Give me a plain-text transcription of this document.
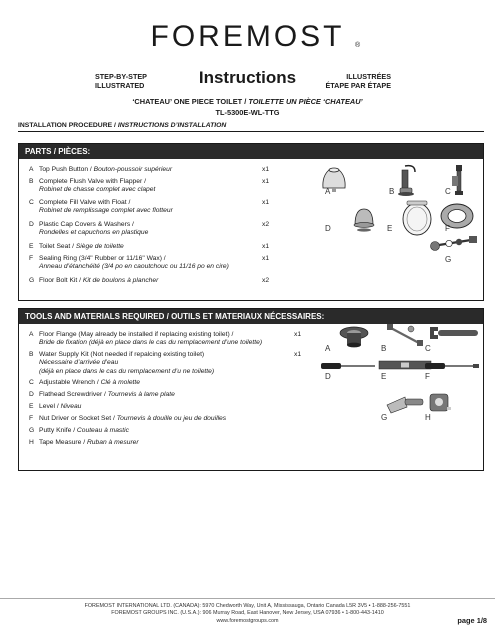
FOREMOST ®
STEP-BY-STEP
ILLUSTRATED	Instructions	ILLUSTRÉES
ÉTAPE PAR ÉTAPE
‘CHATEAU’ ONE PIECE TOILET / TOILETTE UN PIÈCE ‘CHATEAU’
TL-5300E-WL-TTG
INSTALLATION PROCEDURE / INSTRUCTIONS D’INSTALLATION
PARTS / PIÈCES:
A Top Push Button / Bouton-poussoir supérieur	x1
B Complete Flush Valve with Flapper /
Robinet de chasse complet avec clapet
x1
C Complete Fill Valve with Float /
Robinet de remplissage complet avec flotteur
x1
D Plastic Cap Covers & Washers /
Rondelles et capuchons en plastique
x2
E Toilet Seat / Siège de toilette	x1
F Sealing Ring (3/4" Rubber or 11/16" Wax) /
Anneau d’étanchéité (3/4 po en caoutchouc ou 11/16 po en cire)
x1
G Floor Bolt Kit / Kit de boulons à plancher	x2
A	B	C
D	E	F
G
TOOLS AND MATERIALS REQUIRED / OUTILS ET MATERIAUX NÉCESSAIRES:
A Floor Flange (May already be installed if replacing existing toilet) /
Bride de fixation (déjà en place dans le cas du remplacement d’une toilette)
x1
B Water Supply Kit (Not needed if repalcing existing toilet)
Nécessaire d’arrivée d’eau
(déjà en place dans le cas du remplacement d’u ne toilette)
x1
C Adjustable Wrench / Clé à molette
D Flathead Screwdriver / Tournevis à lame plate
E Level / Niveau
F Nut Driver or Socket Set / Tournevis à douille ou jeu de douilles
G Putty Knife / Couteau à mastic
H Tape Measure / Ruban à mesurer
A	B	C
D	E	F
G	H
FOREMOST INTERNATIONAL LTD. (CANADA): 5970 Chedworth Way, Unit A, Mississauga, Ontario Canada L5R 3V5 • 1-888-256-7551
FOREMOST GROUPS INC. (U.S.A.): 906 Murray Road, East Hanover, New Jersey, USA 07936 • 1-800-443-1410
www.foremostgroups.com	page 1/8
